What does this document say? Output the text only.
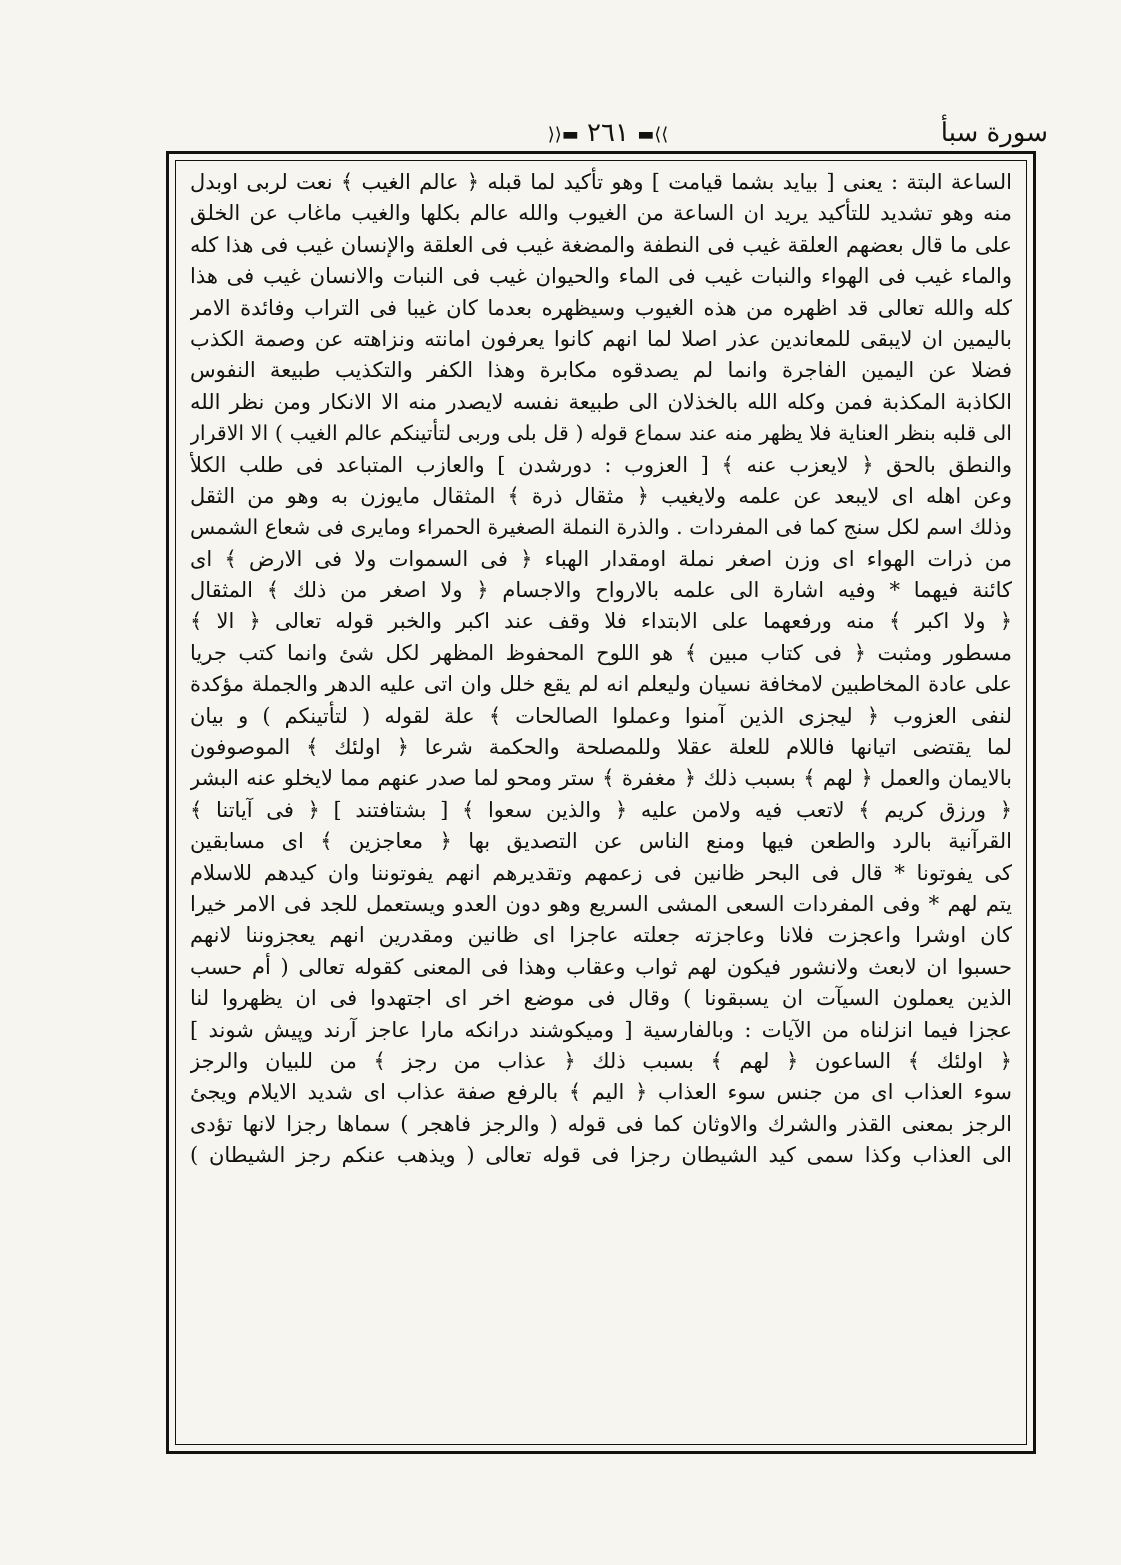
سورة سبأ
⟩⟩▬ ٢٦١ ▬⟨⟨
الساعة البتة : يعنى [ بيايد بشما قيامت ] وهو تأكيد لما قبله ﴿ عالم الغيب ﴾ نعت لربى اوبدل
منه وهو تشديد للتأكيد يريد ان الساعة من الغيوب والله عالم بكلها والغيب ماغاب عن الخلق
على ما قال بعضهم العلقة غيب فى النطفة والمضغة غيب فى العلقة والإنسان غيب فى هذا كله
والماء غيب فى الهواء والنبات غيب فى الماء والحيوان غيب فى النبات والانسان غيب فى هذا
كله والله تعالى قد اظهره من هذه الغيوب وسيظهره بعدما كان غيبا فى التراب وفائدة الامر
باليمين ان لايبقى للمعاندين عذر اصلا لما انهم كانوا يعرفون امانته ونزاهته عن وصمة الكذب
فضلا عن اليمين الفاجرة وانما لم يصدقوه مكابرة وهذا الكفر والتكذيب طبيعة النفوس
الكاذبة المكذبة فمن وكله الله بالخذلان الى طبيعة نفسه لايصدر منه الا الانكار ومن نظر الله
الى قلبه بنظر العناية فلا يظهر منه عند سماع قوله ( قل بلى وربى لتأتينكم عالم الغيب ) الا الاقرار
والنطق بالحق ﴿ لايعزب عنه ﴾ [ العزوب : دورشدن ] والعازب المتباعد فى طلب الكلأ
وعن اهله اى لايبعد عن علمه ولايغيب ﴿ مثقال ذرة ﴾ المثقال مايوزن به وهو من الثقل
وذلك اسم لكل سنج كما فى المفردات . والذرة النملة الصغيرة الحمراء ومايرى فى شعاع الشمس
من ذرات الهواء اى وزن اصغر نملة اومقدار الهباء ﴿ فى السموات ولا فى الارض ﴾ اى
كائنة فيهما * وفيه اشارة الى علمه بالارواح والاجسام ﴿ ولا اصغر من ذلك ﴾ المثقال
﴿ ولا اكبر ﴾ منه ورفعهما على الابتداء فلا وقف عند اكبر والخبر قوله تعالى ﴿ الا ﴾
مسطور ومثبت ﴿ فى كتاب مبين ﴾ هو اللوح المحفوظ المظهر لكل شئ وانما كتب جريا
على عادة المخاطبين لامخافة نسيان وليعلم انه لم يقع خلل وان اتى عليه الدهر والجملة مؤكدة
لنفى العزوب ﴿ ليجزى الذين آمنوا وعملوا الصالحات ﴾ علة لقوله ( لتأتينكم ) و بيان
لما يقتضى اتيانها فاللام للعلة عقلا وللمصلحة والحكمة شرعا ﴿ اولئك ﴾ الموصوفون
بالايمان والعمل ﴿ لهم ﴾ بسبب ذلك ﴿ مغفرة ﴾ ستر ومحو لما صدر عنهم مما لايخلو عنه البشر
﴿ ورزق كريم ﴾ لاتعب فيه ولامن عليه ﴿ والذين سعوا ﴾ [ بشتافتند ] ﴿ فى آياتنا ﴾
القرآنية بالرد والطعن فيها ومنع الناس عن التصديق بها ﴿ معاجزين ﴾ اى مسابقين
كى يفوتونا * قال فى البحر ظانين فى زعمهم وتقديرهم انهم يفوتوننا وان كيدهم للاسلام
يتم لهم * وفى المفردات السعى المشى السريع وهو دون العدو ويستعمل للجد فى الامر خيرا
كان اوشرا واعجزت فلانا وعاجزته جعلته عاجزا اى ظانين ومقدرين انهم يعجزوننا لانهم
حسبوا ان لابعث ولانشور فيكون لهم ثواب وعقاب وهذا فى المعنى كقوله تعالى ( أم حسب
الذين يعملون السيآت ان يسبقونا ) وقال فى موضع اخر اى اجتهدوا فى ان يظهروا لنا
عجزا فيما انزلناه من الآيات : وبالفارسية [ وميكوشند درانكه مارا عاجز آرند وپيش شوند ]
﴿ اولئك ﴾ الساعون ﴿ لهم ﴾ بسبب ذلك ﴿ عذاب من رجز ﴾ من للبيان والرجز
سوء العذاب اى من جنس سوء العذاب ﴿ اليم ﴾ بالرفع صفة عذاب اى شديد الايلام ويجئ
الرجز بمعنى القذر والشرك والاوثان كما فى قوله ( والرجز فاهجر ) سماها رجزا لانها تؤدى
الى العذاب وكذا سمى كيد الشيطان رجزا فى قوله تعالى ( ويذهب عنكم رجز الشيطان )
